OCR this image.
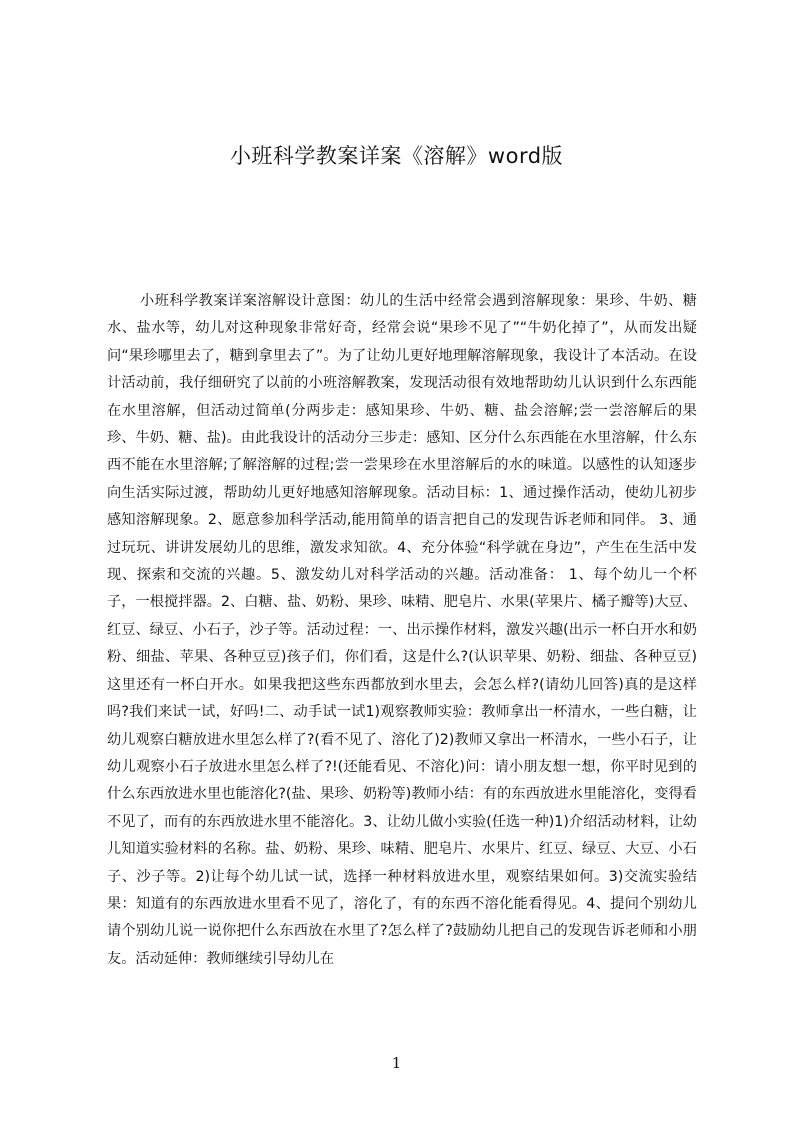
小班科学教案详案《溶解》word版

小班科学教案详案溶解设计意图：幼儿的生活中经常会遇到溶解现象：果珍、牛奶、糖水、盐水等，幼儿对这种现象非常好奇，经常会说“果珍不见了”“牛奶化掉了”，从而发出疑问“果珍哪里去了，糖到拿里去了”。为了让幼儿更好地理解溶解现象，我设计了本活动。在设计活动前，我仔细研究了以前的小班溶解教案，发现活动很有效地帮助幼儿认识到什么东西能在水里溶解，但活动过简单(分两步走：感知果珍、牛奶、糖、盐会溶解;尝一尝溶解后的果珍、牛奶、糖、盐)。由此我设计的活动分三步走：感知、区分什么东西能在水里溶解，什么东西不能在水里溶解;了解溶解的过程;尝一尝果珍在水里溶解后的水的味道。以感性的认知逐步向生活实际过渡，帮助幼儿更好地感知溶解现象。活动目标：1、通过操作活动，使幼儿初步感知溶解现象。2、愿意参加科学活动,能用简单的语言把自己的发现告诉老师和同伴。 3、通过玩玩、讲讲发展幼儿的思维，激发求知欲。4、充分体验“科学就在身边”，产生在生活中发现、探索和交流的兴趣。5、激发幼儿对科学活动的兴趣。活动准备： 1、每个幼儿一个杯子，一根搅拌器。2、白糖、盐、奶粉、果珍、味精、肥皂片、水果(苹果片、橘子瓣等)大豆、红豆、绿豆、小石子，沙子等。活动过程：一、出示操作材料，激发兴趣(出示一杯白开水和奶粉、细盐、苹果、各种豆豆)孩子们，你们看，这是什么?(认识苹果、奶粉、细盐、各种豆豆)这里还有一杯白开水。如果我把这些东西都放到水里去，会怎么样?(请幼儿回答)真的是这样吗?我们来试一试，好吗!二、动手试一试1)观察教师实验：教师拿出一杯清水，一些白糖，让幼儿观察白糖放进水里怎么样了?(看不见了、溶化了)2)教师又拿出一杯清水，一些小石子，让幼儿观察小石子放进水里怎么样了?!(还能看见、不溶化)问：请小朋友想一想，你平时见到的什么东西放进水里也能溶化?(盐、果珍、奶粉等)教师小结：有的东西放进水里能溶化，变得看不见了，而有的东西放进水里不能溶化。3、让幼儿做小实验(任选一种)1)介绍活动材料，让幼儿知道实验材料的名称。盐、奶粉、果珍、味精、肥皂片、水果片、红豆、绿豆、大豆、小石子、沙子等。2)让每个幼儿试一试，选择一种材料放进水里，观察结果如何。3)交流实验结果：知道有的东西放进水里看不见了，溶化了，有的东西不溶化能看得见。4、提问个别幼儿请个别幼儿说一说你把什么东西放在水里了?怎么样了?鼓励幼儿把自己的发现告诉老师和小朋友。活动延伸：教师继续引导幼儿在

1
